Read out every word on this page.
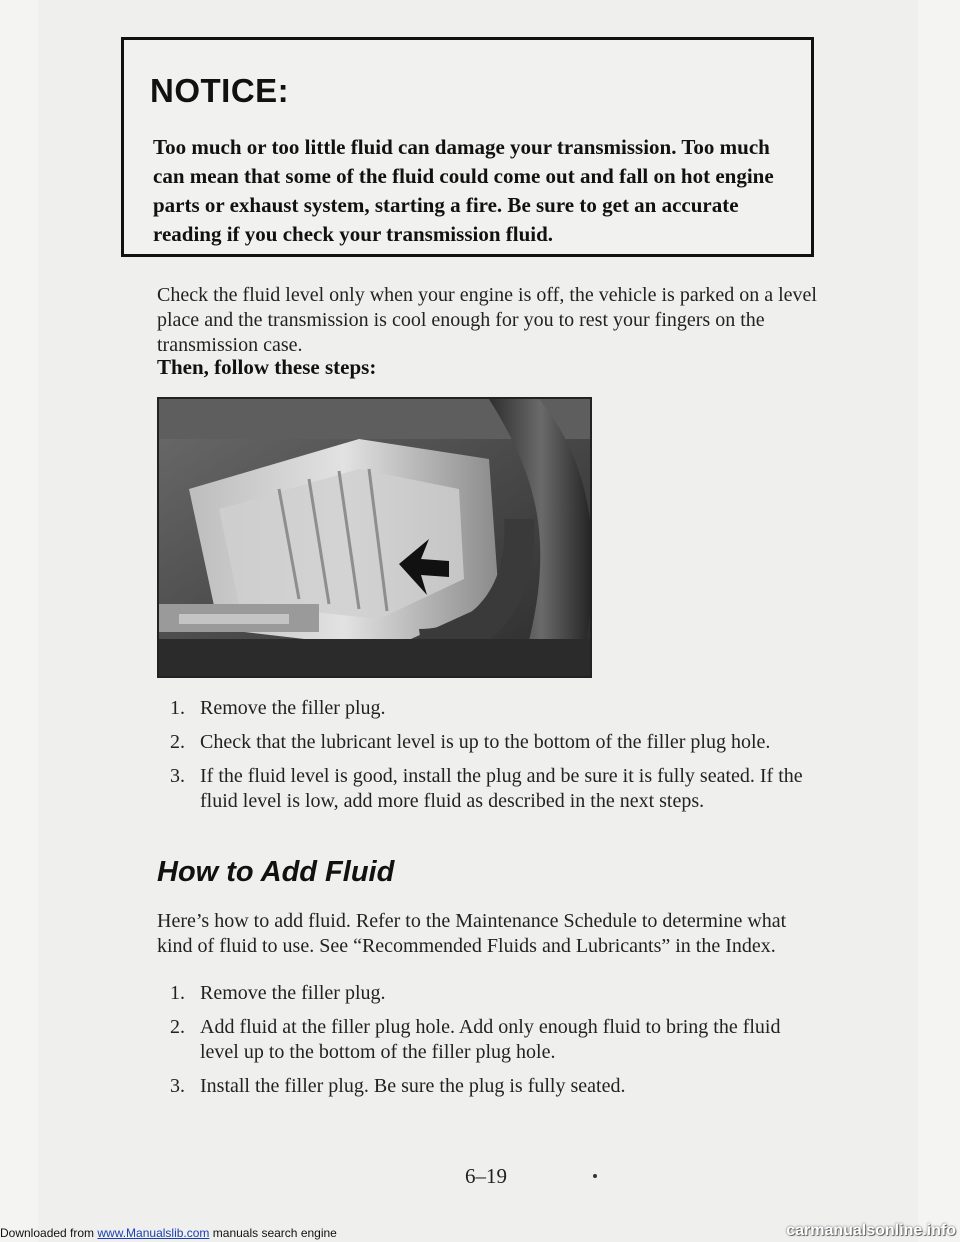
NOTICE:
Too much or too little fluid can damage your transmission. Too much can mean that some of the fluid could come out and fall on hot engine parts or exhaust system, starting a fire. Be sure to get an accurate reading if you check your transmission fluid.
Check the fluid level only when your engine is off, the vehicle is parked on a level place and the transmission is cool enough for you to rest your fingers on the transmission case.
Then, follow these steps:
1. Remove the filler plug.
2. Check that the lubricant level is up to the bottom of the filler plug hole.
3. If the fluid level is good, install the plug and be sure it is fully seated. If the fluid level is low, add more fluid as described in the next steps.
How to Add Fluid
Here’s how to add fluid. Refer to the Maintenance Schedule to determine what kind of fluid to use. See “Recommended Fluids and Lubricants” in the Index.
1. Remove the filler plug.
2. Add fluid at the filler plug hole. Add only enough fluid to bring the fluid level up to the bottom of the filler plug hole.
3. Install the filler plug. Be sure the plug is fully seated.
6–19
Downloaded from www.Manualslib.com manuals search engine	carmanualsonline.info
